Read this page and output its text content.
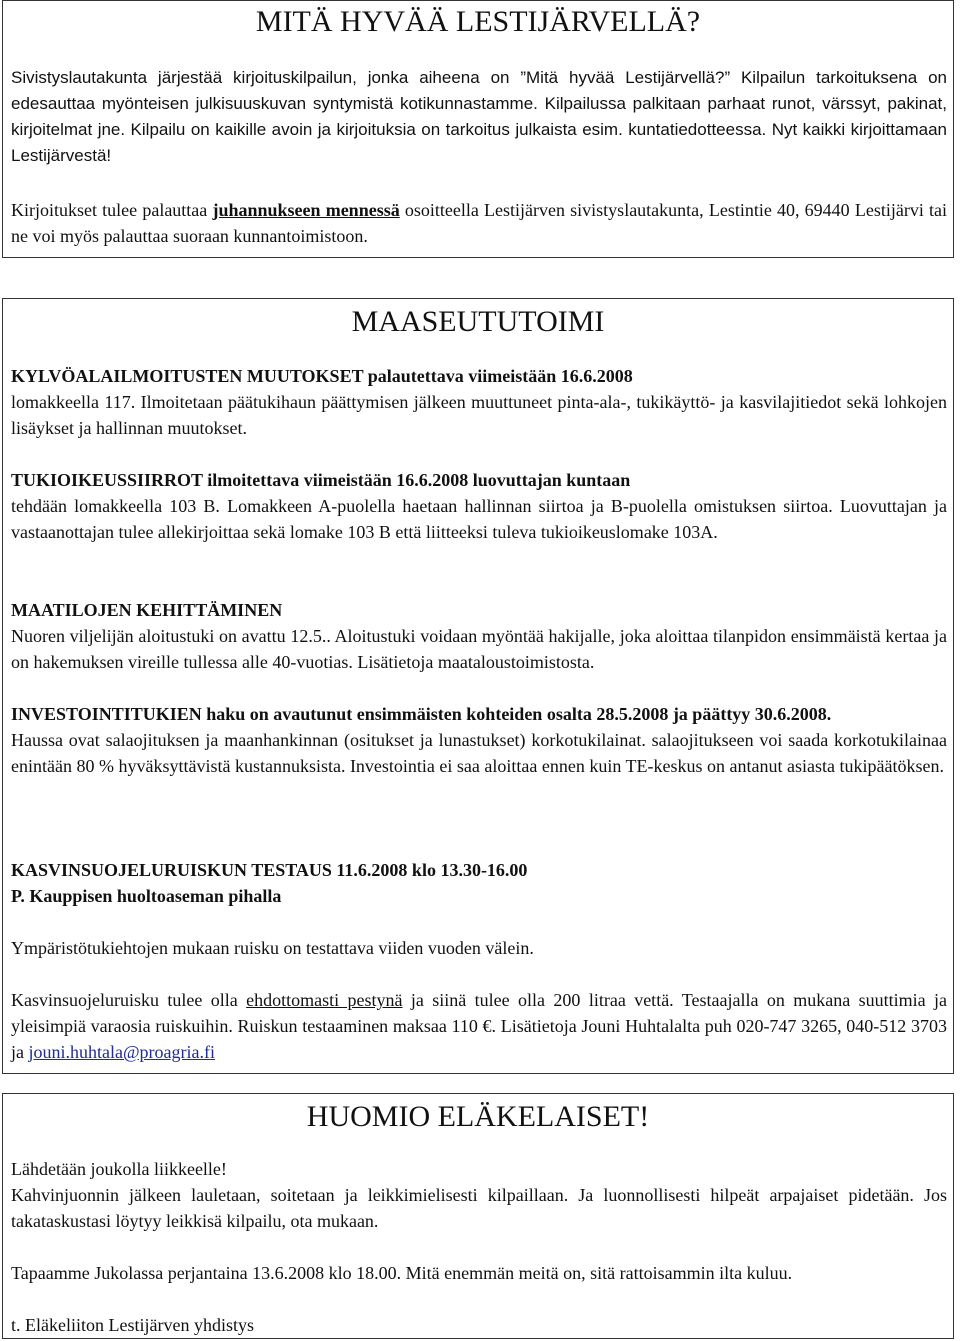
MITÄ HYVÄÄ LESTIJÄRVELLÄ?

Sivistyslautakunta järjestää kirjoituskilpailun, jonka aiheena on ”Mitä hyvää Lestijärvellä?” Kilpailun tarkoituksena on edesauttaa myönteisen julkisuuskuvan syntymistä kotikunnastamme. Kilpailussa palkitaan parhaat runot, värssyt, pakinat, kirjoitelmat jne. Kilpailu on kaikille avoin ja kirjoituksia on tarkoitus julkaista esim. kuntatiedotteessa. Nyt kaikki kirjoittamaan Lestijärvestä!

Kirjoitukset tulee palauttaa juhannukseen mennessä osoitteella Lestijärven sivistyslautakunta, Lestintie 40, 69440 Lestijärvi tai ne voi myös palauttaa suoraan kunnantoimistoon.

MAASEUTUTOIMI

KYLVÖALAILMOITUSTEN MUUTOKSET palautettava viimeistään 16.6.2008
lomakkeella 117. Ilmoitetaan päätukihaun päättymisen jälkeen muuttuneet pinta-ala-, tukikäyttö- ja kasvilajitiedot sekä lohkojen lisäykset ja hallinnan muutokset.

TUKIOIKEUSSIIRROT ilmoitettava viimeistään 16.6.2008 luovuttajan kuntaan
tehdään lomakkeella 103 B. Lomakkeen A-puolella haetaan hallinnan siirtoa ja B-puolella omistuksen siirtoa. Luovuttajan ja vastaanottajan tulee allekirjoittaa sekä lomake 103 B että liitteeksi tuleva tukioikeuslomake 103A.

MAATILOJEN KEHITTÄMINEN
Nuoren viljelijän aloitustuki on avattu 12.5.. Aloitustuki voidaan myöntää hakijalle, joka aloittaa tilanpidon ensimmäistä kertaa ja on hakemuksen vireille tullessa alle 40-vuotias. Lisätietoja maataloustoimistosta.

INVESTOINTITUKIEN haku on avautunut ensimmäisten kohteiden osalta 28.5.2008 ja päättyy 30.6.2008.
Haussa ovat salaojituksen ja maanhankinnan (ositukset ja lunastukset) korkotukilainat. salaojitukseen voi saada korkotukilainaa enintään 80 % hyväksyttävistä kustannuksista. Investointia ei saa aloittaa ennen kuin TE-keskus on antanut asiasta tukipäätöksen.

KASVINSUOJELURUISKUN TESTAUS 11.6.2008 klo 13.30-16.00
P. Kauppisen huoltoaseman pihalla

Ympäristötukiehtojen mukaan ruisku on testattava viiden vuoden välein.

Kasvinsuojeluruisku tulee olla ehdottomasti pestynä ja siinä tulee olla 200 litraa vettä. Testaajalla on mukana suuttimia ja yleisimpiä varaosia ruiskuihin. Ruiskun testaaminen maksaa 110 €. Lisätietoja Jouni Huhtalalta puh 020-747 3265, 040-512 3703 ja jouni.huhtala@proagria.fi

HUOMIO ELÄKELAISET!

Lähdetään joukolla liikkeelle!

Kahvinjuonnin jälkeen lauletaan, soitetaan ja leikkimielisesti kilpaillaan. Ja luonnollisesti hilpeät arpajaiset pidetään. Jos takataskustasi löytyy leikkisä kilpailu, ota mukaan.

Tapaamme Jukolassa perjantaina 13.6.2008 klo 18.00. Mitä enemmän meitä on, sitä rattoisammin ilta kuluu.

t. Eläkeliiton Lestijärven yhdistys
